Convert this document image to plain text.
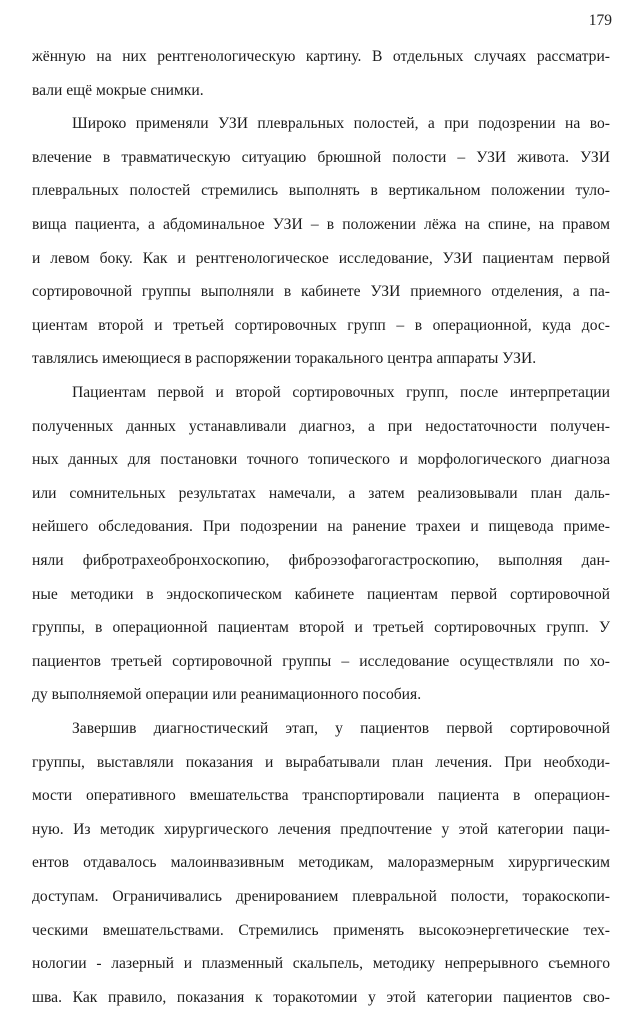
179
жённую на них рентгенологическую картину. В отдельных случаях рассматри-
вали ещё мокрые снимки.
Широко применяли УЗИ плевральных полостей, а при подозрении на во-
влечение в травматическую ситуацию брюшной полости – УЗИ живота. УЗИ
плевральных полостей стремились выполнять в вертикальном положении туло-
вища пациента, а абдоминальное УЗИ – в положении лёжа на спине, на правом
и левом боку. Как и рентгенологическое исследование, УЗИ пациентам первой
сортировочной группы выполняли в кабинете УЗИ приемного отделения, а па-
циентам второй и третьей сортировочных групп – в операционной, куда дос-
тавлялись имеющиеся в распоряжении торакального центра аппараты УЗИ.
Пациентам первой и второй сортировочных групп, после интерпретации
полученных данных устанавливали диагноз, а при недостаточности получен-
ных данных для постановки точного топического и морфологического диагноза
или сомнительных результатах намечали, а затем реализовывали план даль-
нейшего обследования. При подозрении на ранение трахеи и пищевода приме-
няли фибротрахеобронхоскопию, фиброэзофагогастроскопию, выполняя дан-
ные методики в эндоскопическом кабинете пациентам первой сортировочной
группы, в операционной пациентам второй и третьей сортировочных групп. У
пациентов третьей сортировочной группы – исследование осуществляли по хо-
ду выполняемой операции или реанимационного пособия.
Завершив диагностический этап, у пациентов первой сортировочной
группы, выставляли показания и вырабатывали план лечения. При необходи-
мости оперативного вмешательства транспортировали пациента в операцион-
ную. Из методик хирургического лечения предпочтение у этой категории паци-
ентов отдавалось малоинвазивным методикам, малоразмерным хирургическим
доступам. Ограничивались дренированием плевральной полости, торакоскопи-
ческими вмешательствами. Стремились применять высокоэнергетические тех-
нологии - лазерный и плазменный скальпель, методику непрерывного съемного
шва. Как правило, показания к торакотомии у этой категории пациентов сво-
